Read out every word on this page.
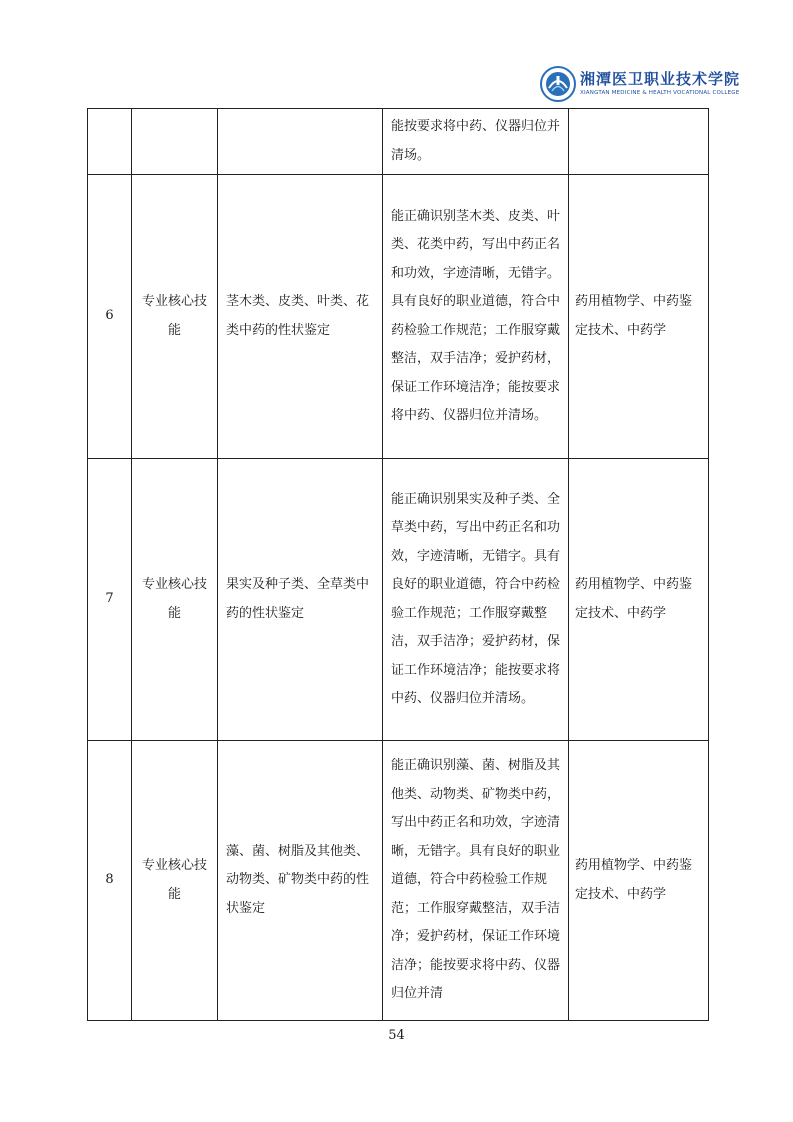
湘潭医卫职业技术学院
XIANGTAN MEDICINE & HEALTH VOCATIONAL COLLEGE

			能按要求将中药、仪器归位并清场。	

6	专业核心技能	茎木类、皮类、叶类、花类中药的性状鉴定	能正确识别茎木类、皮类、叶类、花类中药，写出中药正名和功效，字迹清晰，无错字。具有良好的职业道德，符合中药检验工作规范；工作服穿戴整洁，双手洁净；爱护药材，保证工作环境洁净；能按要求将中药、仪器归位并清场。	药用植物学、中药鉴定技术、中药学

7	专业核心技能	果实及种子类、全草类中药的性状鉴定	能正确识别果实及种子类、全草类中药，写出中药正名和功效，字迹清晰，无错字。具有良好的职业道德，符合中药检验工作规范；工作服穿戴整洁，双手洁净；爱护药材，保证工作环境洁净；能按要求将中药、仪器归位并清场。	药用植物学、中药鉴定技术、中药学

8	专业核心技能	藻、菌、树脂及其他类、动物类、矿物类中药的性状鉴定	能正确识别藻、菌、树脂及其他类、动物类、矿物类中药，写出中药正名和功效，字迹清晰，无错字。具有良好的职业道德，符合中药检验工作规范；工作服穿戴整洁，双手洁净；爱护药材，保证工作环境洁净；能按要求将中药、仪器归位并清	药用植物学、中药鉴定技术、中药学
54
